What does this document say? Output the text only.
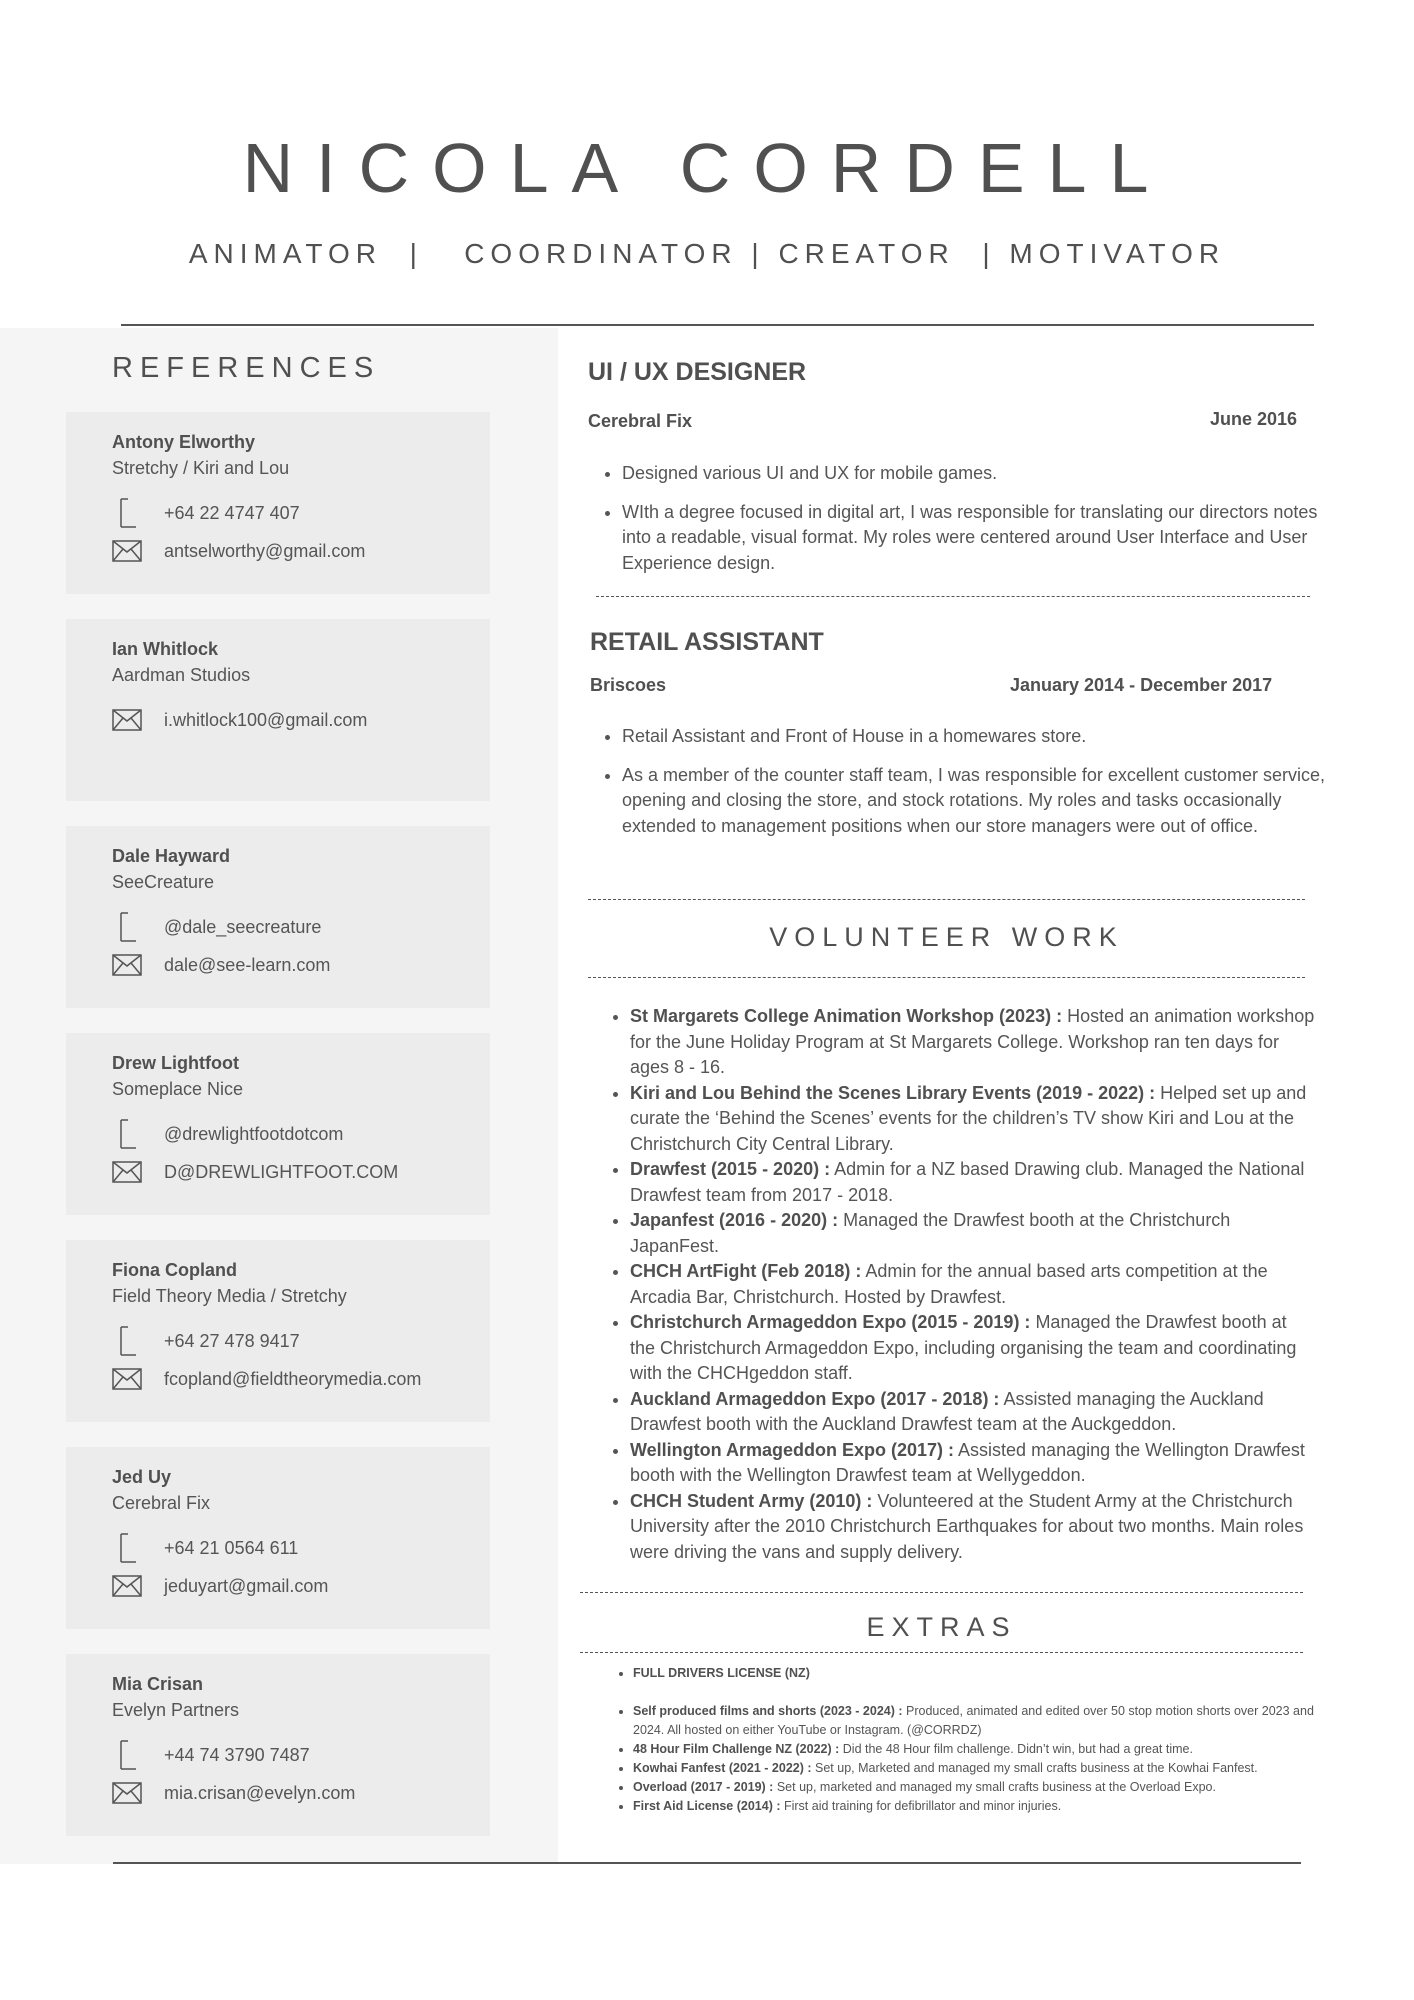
NICOLA CORDELL
ANIMATOR  |   COORDINATOR | CREATOR  | MOTIVATOR
REFERENCES
Antony Elworthy
Stretchy / Kiri and Lou
+64 22 4747 407
antselworthy@gmail.com
Ian Whitlock
Aardman Studios
i.whitlock100@gmail.com
Dale Hayward
SeeCreature
@dale_seecreature
dale@see-learn.com
Drew Lightfoot
Someplace Nice
@drewlightfootdotcom
D@DREWLIGHTFOOT.COM
Fiona Copland
Field Theory Media / Stretchy
+64 27 478 9417
fcopland@fieldtheorymedia.com
Jed Uy
Cerebral Fix
+64 21 0564 611
jeduyart@gmail.com
Mia Crisan
Evelyn Partners
+44 74 3790 7487
mia.crisan@evelyn.com
UI / UX DESIGNER
Cerebral Fix	June 2016
• Designed various UI and UX for mobile games.
• WIth a degree focused in digital art, I was responsible for translating our directors notes into a readable, visual format. My roles were centered around User Interface and User Experience design.
RETAIL ASSISTANT
Briscoes	January 2014 - December 2017
• Retail Assistant and Front of House in a homewares store.
• As a member of the counter staff team, I was responsible for excellent customer service, opening and closing the store, and stock rotations. My roles and tasks occasionally extended to management positions when our store managers were out of office.
VOLUNTEER WORK
• St Margarets College Animation Workshop (2023) : Hosted an animation workshop for the June Holiday Program at St Margarets College. Workshop ran ten days for ages 8 - 16.
• Kiri and Lou Behind the Scenes Library Events (2019 - 2022) : Helped set up and curate the ‘Behind the Scenes’ events for the children’s TV show Kiri and Lou at the Christchurch City Central Library.
• Drawfest (2015 - 2020) : Admin for a NZ based Drawing club. Managed the National Drawfest team from 2017 - 2018.
• Japanfest (2016 - 2020) : Managed the Drawfest booth at the Christchurch JapanFest.
• CHCH ArtFight (Feb 2018) : Admin for the annual based arts competition at the Arcadia Bar, Christchurch. Hosted by Drawfest.
• Christchurch Armageddon Expo (2015 - 2019) : Managed the Drawfest booth at the Christchurch Armageddon Expo, including organising the team and coordinating with the CHCHgeddon staff.
• Auckland Armageddon Expo (2017 - 2018) : Assisted managing the Auckland Drawfest booth with the Auckland Drawfest team at the Auckgeddon.
• Wellington Armageddon Expo (2017) : Assisted managing the Wellington Drawfest booth with the Wellington Drawfest team at Wellygeddon.
• CHCH Student Army (2010) : Volunteered at the Student Army at the Christchurch University after the 2010 Christchurch Earthquakes for about two months. Main roles were driving the vans and supply delivery.
EXTRAS
• FULL DRIVERS LICENSE (NZ)
• Self produced films and shorts (2023 - 2024) : Produced, animated and edited over 50 stop motion shorts over 2023 and 2024. All hosted on either YouTube or Instagram. (@CORRDZ)
• 48 Hour Film Challenge NZ (2022) : Did the 48 Hour film challenge. Didn’t win, but had a great time.
• Kowhai Fanfest (2021 - 2022) : Set up, Marketed and managed my small crafts business at the Kowhai Fanfest.
• Overload (2017 - 2019) : Set up, marketed and managed my small crafts business at the Overload Expo.
• First Aid License (2014) : First aid training for defibrillator and minor injuries.
